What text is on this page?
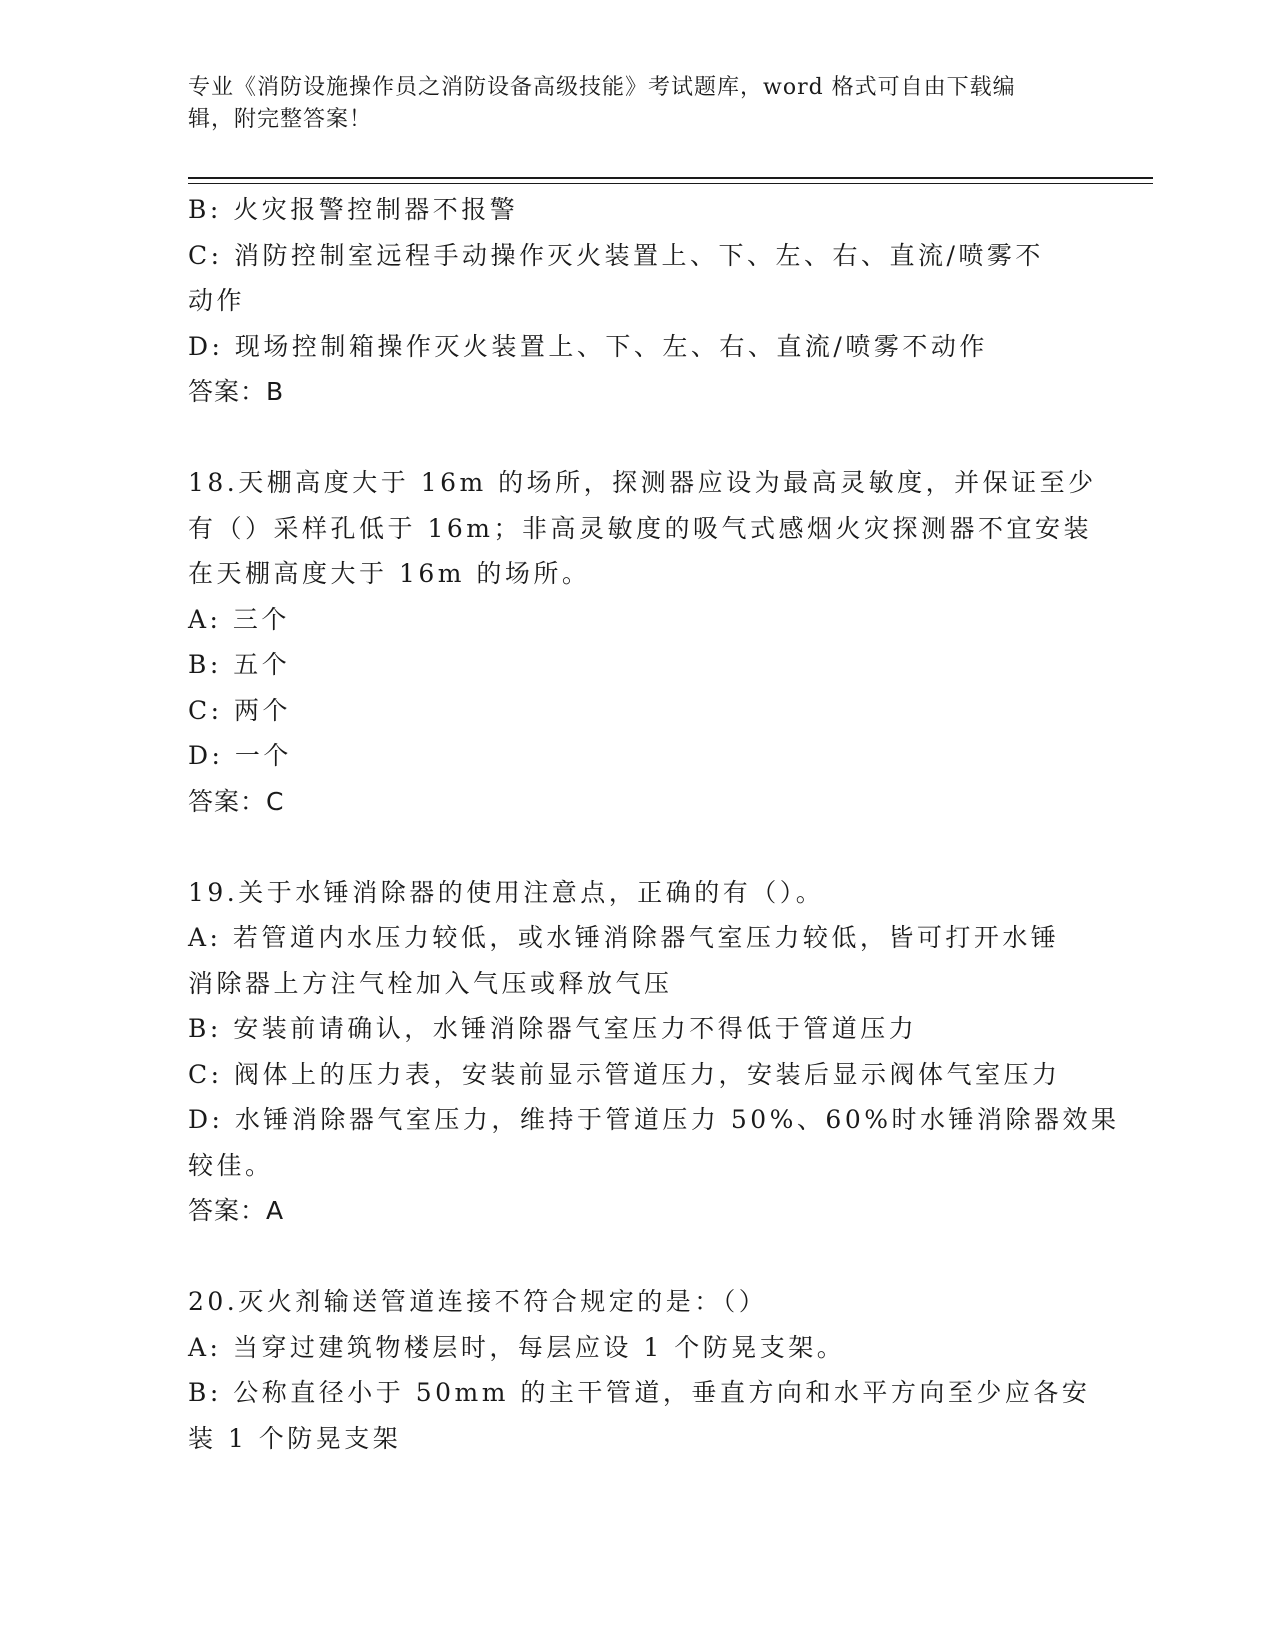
专业《消防设施操作员之消防设备高级技能》考试题库，word 格式可自由下载编
辑，附完整答案！
B: 火灾报警控制器不报警
C: 消防控制室远程手动操作灭火装置上、下、左、右、直流/喷雾不
动作
D: 现场控制箱操作灭火装置上、下、左、右、直流/喷雾不动作
答案：B
18.天棚高度大于 16m 的场所，探测器应设为最高灵敏度，并保证至少
有（）采样孔低于 16m；非高灵敏度的吸气式感烟火灾探测器不宜安装
在天棚高度大于 16m 的场所。
A: 三个
B: 五个
C: 两个
D: 一个
答案：C
19.关于水锤消除器的使用注意点，正确的有（）。
A: 若管道内水压力较低，或水锤消除器气室压力较低，皆可打开水锤
消除器上方注气栓加入气压或释放气压
B: 安装前请确认，水锤消除器气室压力不得低于管道压力
C: 阀体上的压力表，安装前显示管道压力，安装后显示阀体气室压力
D: 水锤消除器气室压力，维持于管道压力 50%、60%时水锤消除器效果
较佳。
答案：A
20.灭火剂输送管道连接不符合规定的是：（）
A: 当穿过建筑物楼层时，每层应设 1 个防晃支架。
B: 公称直径小于 50mm 的主干管道，垂直方向和水平方向至少应各安
装 1 个防晃支架
